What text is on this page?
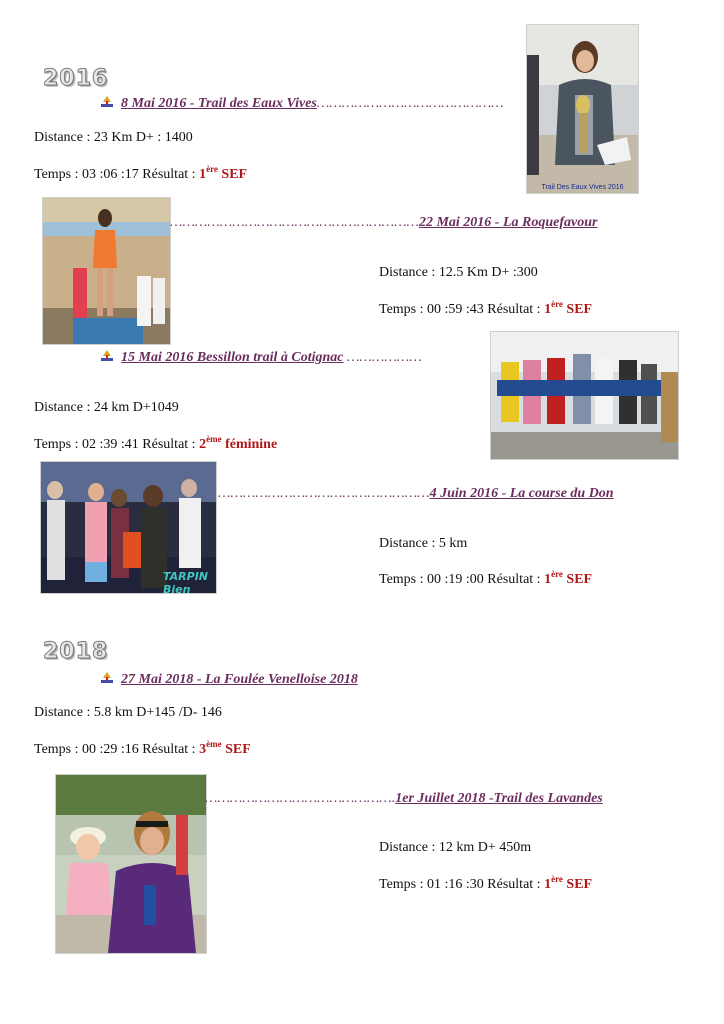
2016
8 Mai 2016 - Trail des Eaux Vives………………………………………
Distance : 23 Km D+ : 1400
Temps : 03 :06 :17 Résultat : 1ère SEF
Trail Des Eaux Vives 2016
……………………………………………………22 Mai 2016 - La Roquefavour
Distance : 12.5 Km D+ :300
Temps : 00 :59 :43 Résultat : 1ère SEF
15 Mai 2016 Bessillon trail à Cotignac ………………
Distance : 24 km D+1049
Temps : 02 :39 :41 Résultat : 2ème féminine
TARPIN Bien
……………………………………………4 Juin 2016 - La course du Don
Distance : 5 km
Temps : 00 :19 :00 Résultat : 1ère SEF
2018
27 Mai 2018 - La Foulée Venelloise 2018
Distance : 5.8 km D+145 /D- 146
Temps : 00 :29 :16 Résultat : 3ème SEF
……………………………………….1er Juillet 2018 -Trail des Lavandes
Distance : 12 km D+ 450m
Temps : 01 :16 :30 Résultat : 1ère SEF
